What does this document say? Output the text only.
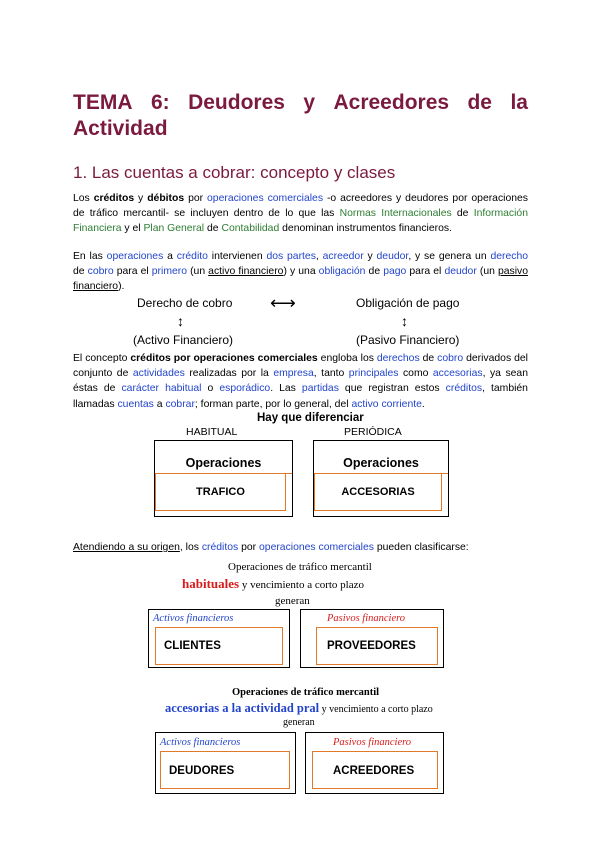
TEMA 6: Deudores y Acreedores de la
Actividad
1. Las cuentas a cobrar: concepto y clases
Los créditos y débitos por operaciones comerciales -o acreedores y deudores por operaciones de tráfico mercantil- se incluyen dentro de lo que las Normas Internacionales de Información Financiera y el Plan General de Contabilidad denominan instrumentos financieros.
En las operaciones a crédito intervienen dos partes, acreedor y deudor, y se genera un derecho de cobro para el primero (un activo financiero) y una obligación de pago para el deudor (un pasivo financiero).
Derecho de cobro ⟷	Obligación de pago
↕	↕
(Activo Financiero)	(Pasivo Financiero)
El concepto créditos por operaciones comerciales engloba los derechos de cobro derivados del conjunto de actividades realizadas por la empresa, tanto principales como accesorias, ya sean éstas de carácter habitual o esporádico. Las partidas que registran estos créditos, también llamadas cuentas a cobrar; forman parte, por lo general, del activo corriente.
Hay que diferenciar
HABITUAL	PERIÓDICA
Operaciones
TRAFICO
Operaciones
ACCESORIAS
Atendiendo a su origen, los créditos por operaciones comerciales pueden clasificarse:
Operaciones de tráfico mercantil
habituales y vencimiento a corto plazo
generan
Activos financieros
CLIENTES
Pasivos financiero
PROVEEDORES
Operaciones de tráfico mercantil
accesorias a la actividad pral y vencimiento a corto plazo
generan
Activos financieros
DEUDORES
Pasivos financiero
ACREEDORES
